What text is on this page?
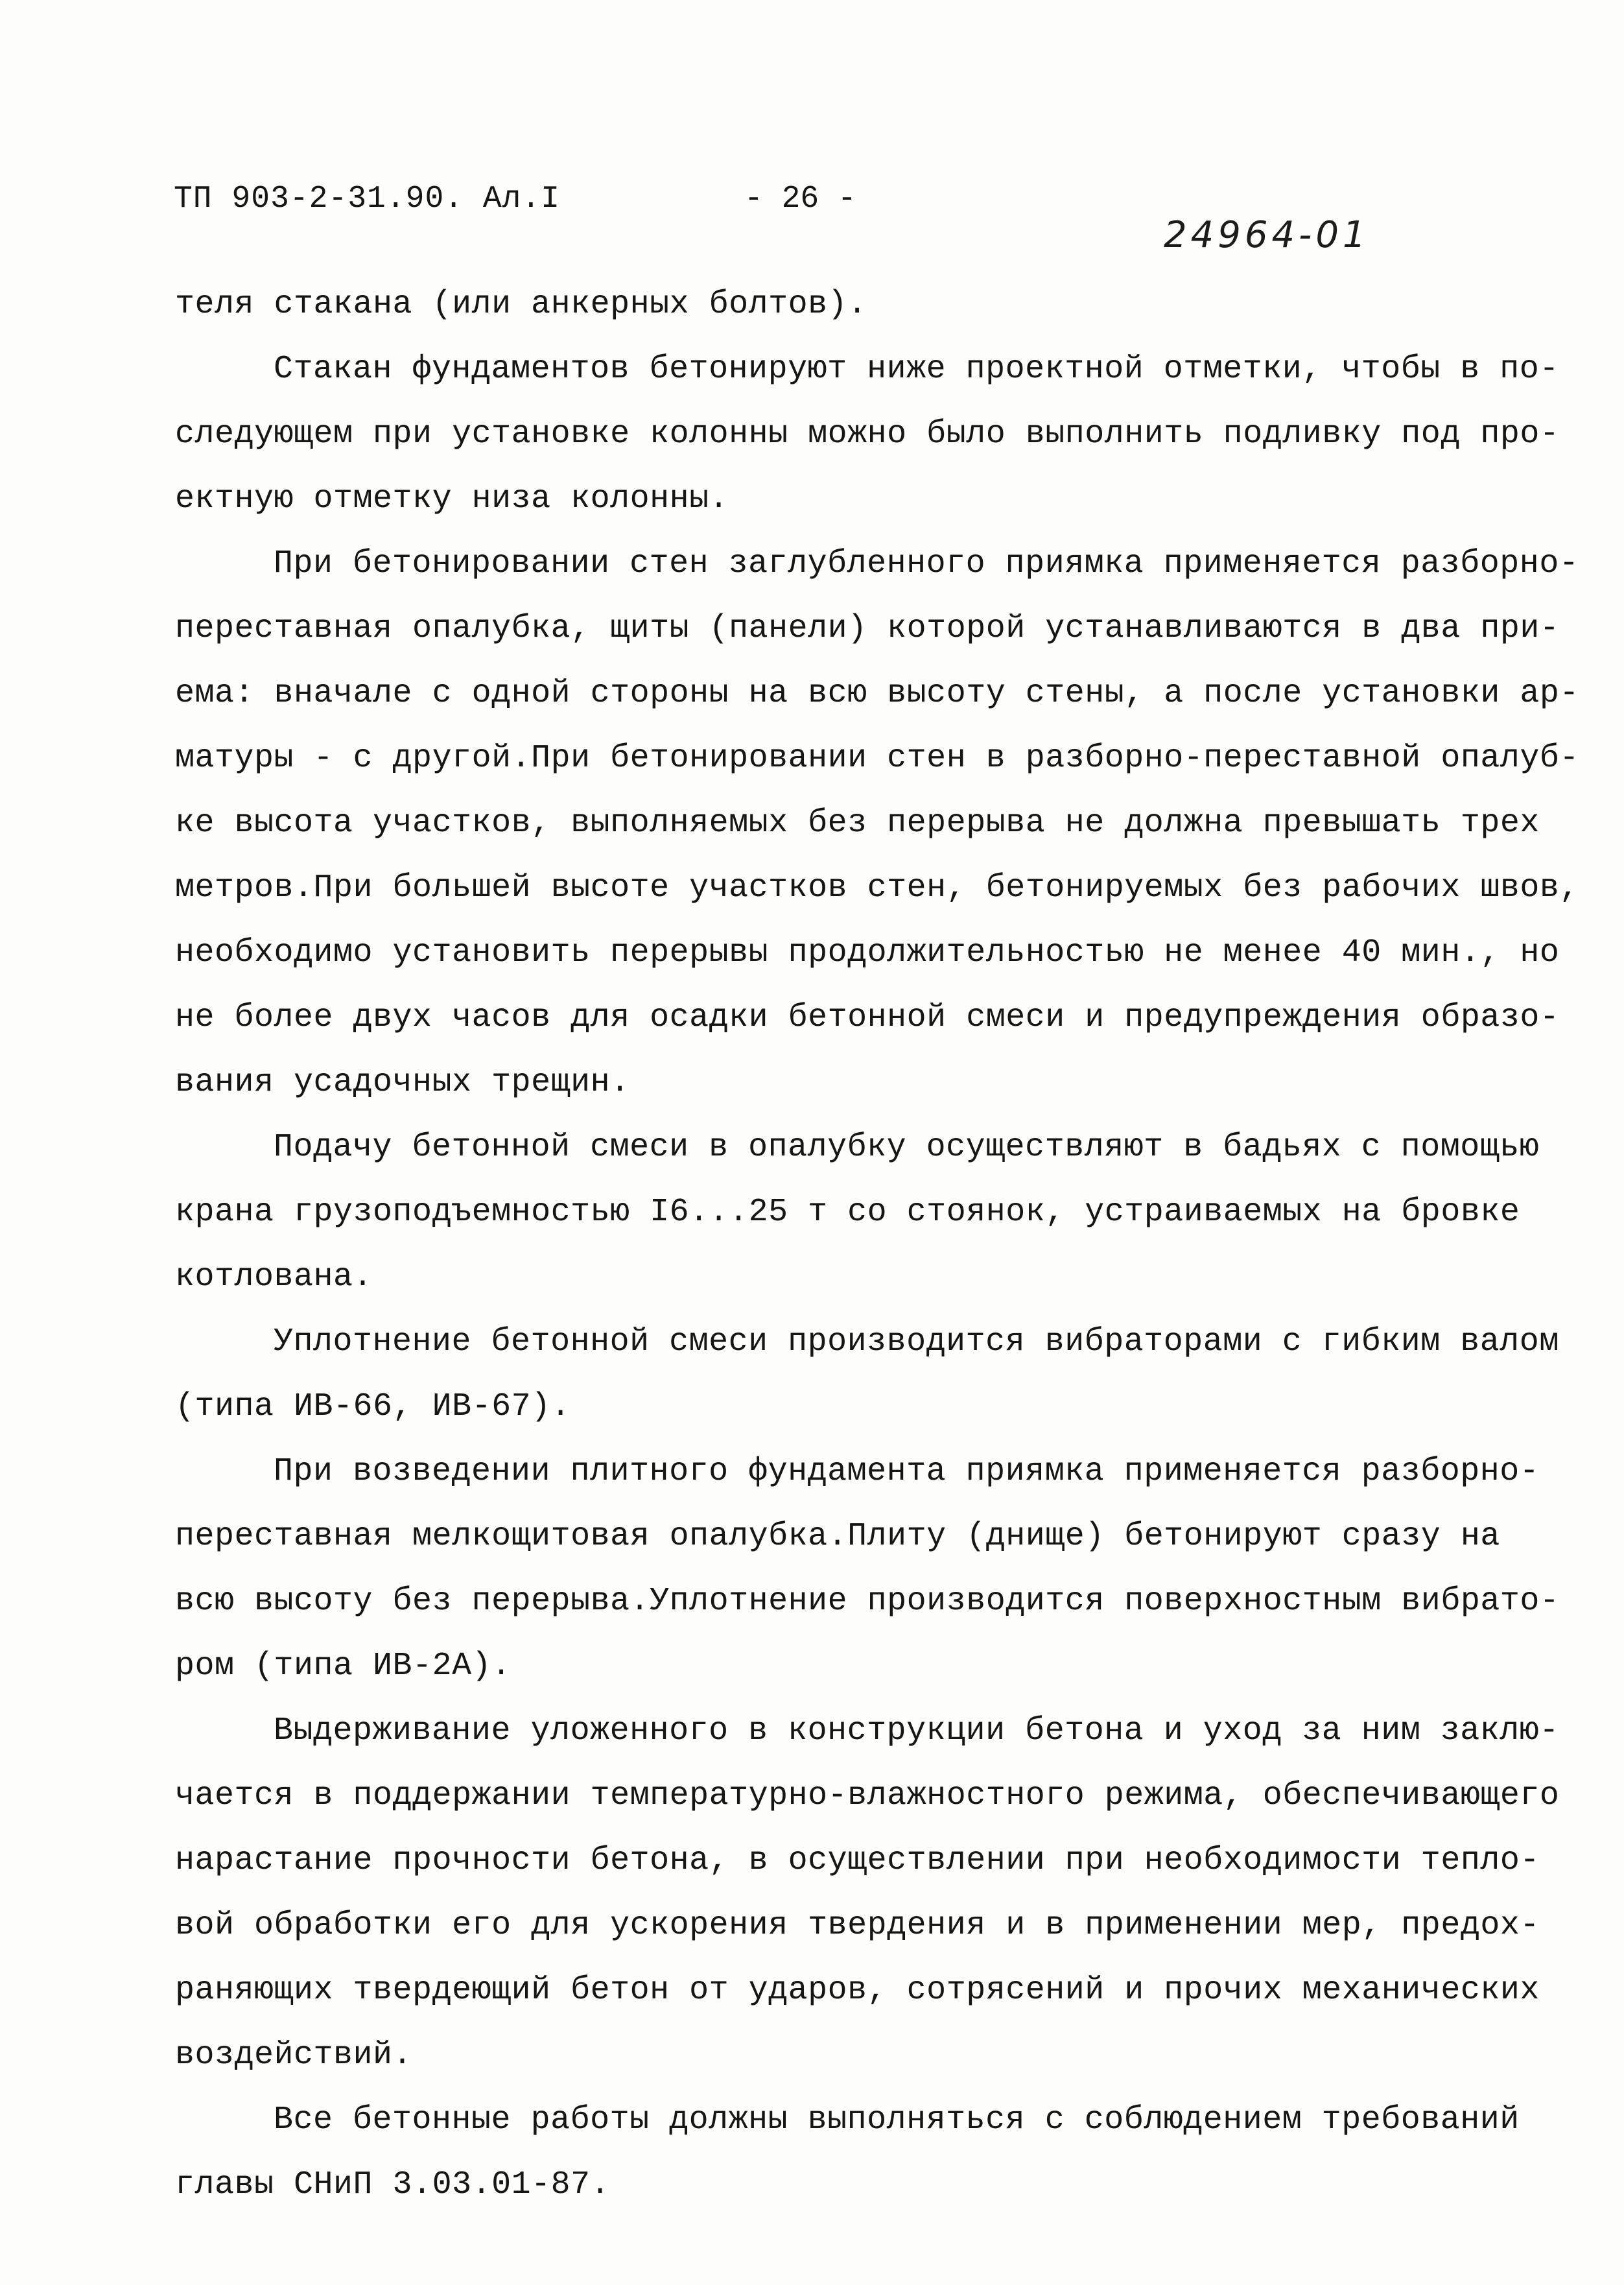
ТП 903-2-31.90. Ал.I	- 26 -
24964-01
теля стакана (или анкерных болтов).
Стакан фундаментов бетонируют ниже проектной отметки, чтобы в по-
следующем при установке колонны можно было выполнить подливку под про-
ектную отметку низа колонны.
При бетонировании стен заглубленного приямка применяется разборно-
переставная опалубка, щиты (панели) которой устанавливаются в два при-
ема: вначале с одной стороны на всю высоту стены, а после установки ар-
матуры - с другой.При бетонировании стен в разборно-переставной опалуб-
ке высота участков, выполняемых без перерыва не должна превышать трех
метров.При большей высоте участков стен, бетонируемых без рабочих швов,
необходимо установить перерывы продолжительностью не менее 40 мин., но
не более двух часов для осадки бетонной смеси и предупреждения образо-
вания усадочных трещин.
Подачу бетонной смеси в опалубку осуществляют в бадьях с помощью
крана грузоподъемностью I6...25 т со стоянок, устраиваемых на бровке
котлована.
Уплотнение бетонной смеси производится вибраторами с гибким валом
(типа ИВ-66, ИВ-67).
При возведении плитного фундамента приямка применяется разборно-
переставная мелкощитовая опалубка.Плиту (днище) бетонируют сразу на
всю высоту без перерыва.Уплотнение производится поверхностным вибрато-
ром (типа ИВ-2А).
Выдерживание уложенного в конструкции бетона и уход за ним заклю-
чается в поддержании температурно-влажностного режима, обеспечивающего
нарастание прочности бетона, в осуществлении при необходимости тепло-
вой обработки его для ускорения твердения и в применении мер, предох-
раняющих твердеющий бетон от ударов, сотрясений и прочих механических
воздействий.
Все бетонные работы должны выполняться с соблюдением требований
главы СНиП 3.03.01-87.
